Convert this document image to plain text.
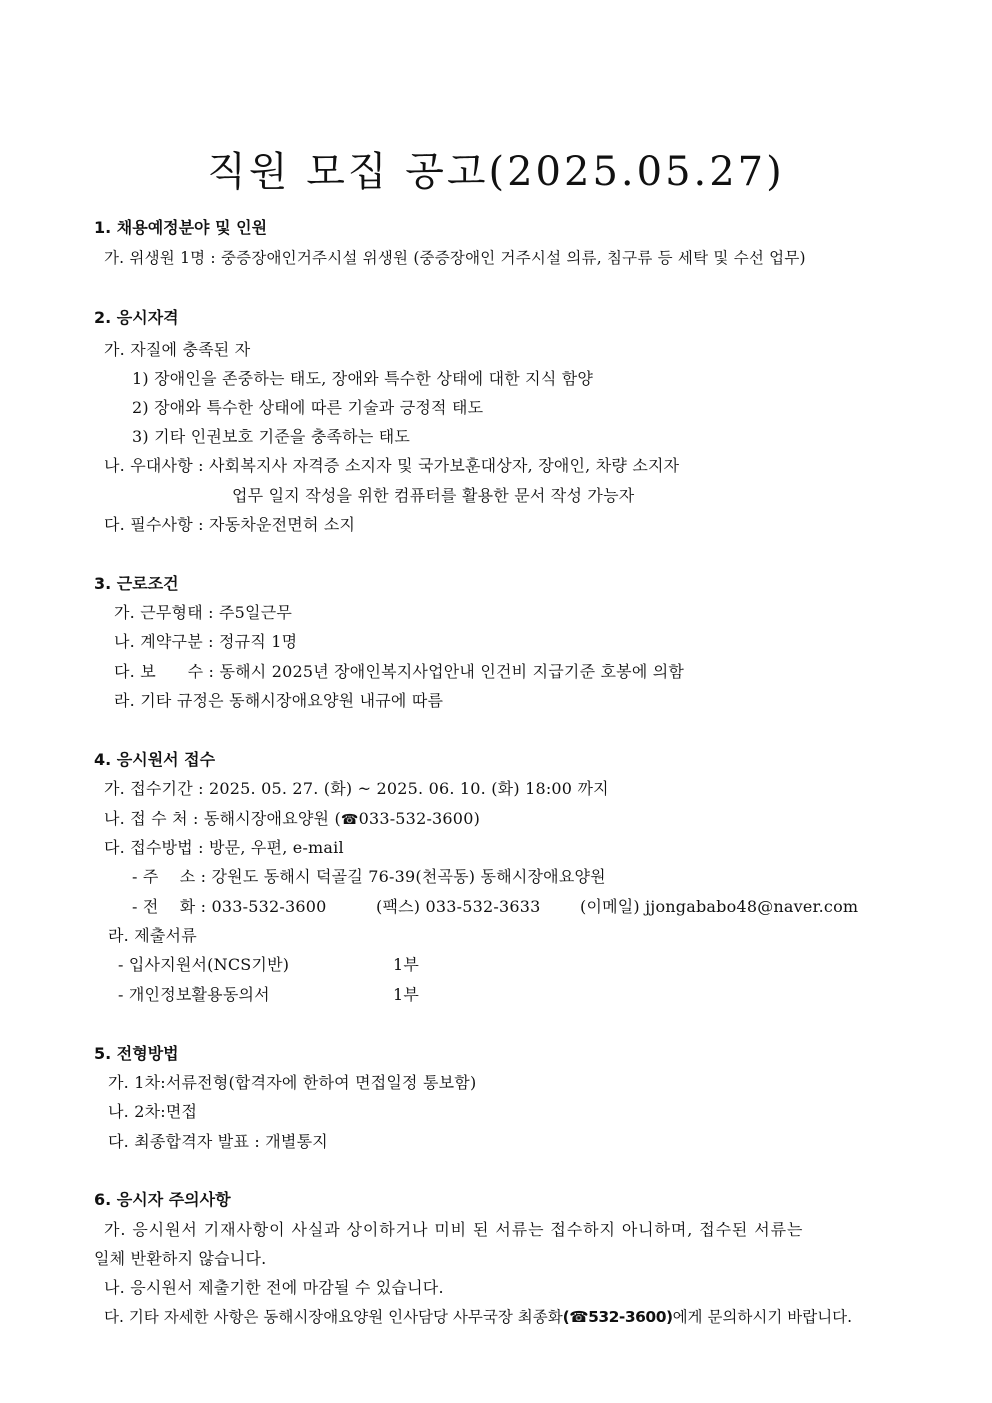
직원 모집 공고(2025.05.27)
1. 채용예정분야 및 인원
가. 위생원 1명 : 중증장애인거주시설 위생원 (중증장애인 거주시설 의류, 침구류 등 세탁 및 수선 업무)
2. 응시자격
가. 자질에 충족된 자
1) 장애인을 존중하는 태도, 장애와 특수한 상태에 대한 지식 함양
2) 장애와 특수한 상태에 따른 기술과 긍정적 태도
3) 기타 인권보호 기준을 충족하는 태도
나. 우대사항 : 사회복지사 자격증 소지자 및 국가보훈대상자, 장애인, 차량 소지자
업무 일지 작성을 위한 컴퓨터를 활용한 문서 작성 가능자
다. 필수사항 : 자동차운전면허 소지
3. 근로조건
가. 근무형태 : 주5일근무
나. 계약구분 : 정규직 1명
다. 보      수 : 동해시 2025년 장애인복지사업안내 인건비 지급기준 호봉에 의함
라. 기타 규정은 동해시장애요양원 내규에 따름
4. 응시원서 접수
가. 접수기간 : 2025. 05. 27. (화) ~ 2025. 06. 10. (화) 18:00 까지
나. 접 수 처 : 동해시장애요양원 (☎033-532-3600)
다. 접수방법 : 방문, 우편, e-mail
- 주    소 : 강원도 동해시 덕골길 76-39(천곡동) 동해시장애요양원
- 전    화 : 033-532-3600	(팩스) 033-532-3633 (이메일) jjongababo48@naver.com
라. 제출서류
- 입사지원서(NCS기반)	1부
- 개인정보활용동의서	1부
5. 전형방법
가. 1차:서류전형(합격자에 한하여 면접일정 통보함)
나. 2차:면접
다. 최종합격자 발표 : 개별통지
6. 응시자 주의사항
가. 응시원서 기재사항이 사실과 상이하거나 미비 된 서류는 접수하지 아니하며, 접수된 서류는
일체 반환하지 않습니다.
나. 응시원서 제출기한 전에 마감될 수 있습니다.
다. 기타 자세한 사항은 동해시장애요양원 인사담당 사무국장 최종화(☎532-3600)에게 문의하시기 바랍니다.
